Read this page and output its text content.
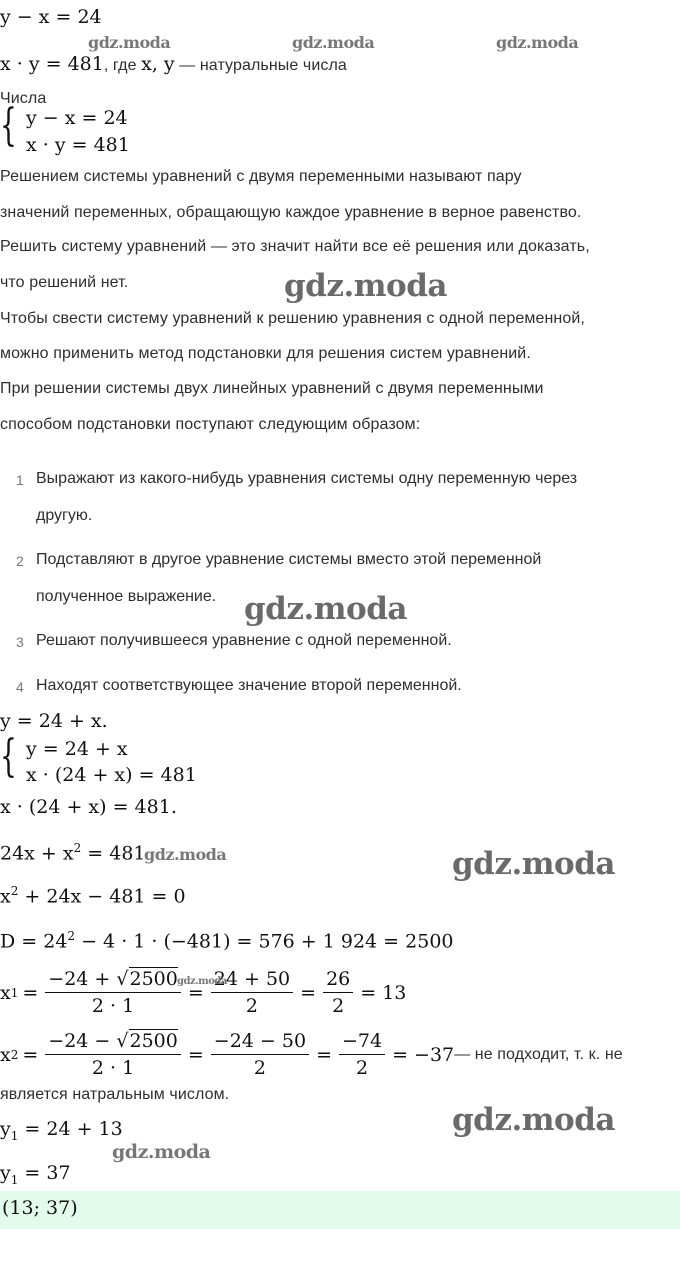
y − x = 24
gdz.moda	gdz.moda	gdz.moda
x · y = 481, где x, y — натуральные числа
Числа
{ y − x = 24
x · y = 481
Решением системы уравнений с двумя переменными называют пару
значений переменных, обращающую каждое уравнение в верное равенство.
Решить систему уравнений — это значит найти все её решения или доказать,
что решений нет.	gdz.moda
Чтобы свести систему уравнений к решению уравнения с одной переменной,
можно применить метод подстановки для решения систем уравнений.
При решении системы двух линейных уравнений с двумя переменными
способом подстановки поступают следующим образом:
1 Выражают из какого-нибудь уравнения системы одну переменную через
другую.
2 Подставляют в другое уравнение системы вместо этой переменной
полученное выражение. gdz.moda
3 Решают получившееся уравнение с одной переменной.
4 Находят соответствующее значение второй переменной.
y = 24 + x.
{ y = 24 + x
x · (24 + x) = 481
x · (24 + x) = 481.
$24x + x^2 = 481$
gdz.moda	gdz.moda
$x^2 + 24x - 481 = 0$
$D = 24^2 - 4 \cdot 1 \cdot (-481) = 576 + 1$ 924 = 2500
x $1 = \frac{-24 + √2500}{2 \cdot 1} = \frac{24 + 50}{2} = \frac{26}{2} = 13$
gdz.moda
x $2 = \frac{-24 - √2500}{2 \cdot 1} = \frac{-24 - 50}{2} = \frac{-74}{2} = -37$ — не подходит, т. к. не
является натральным числом.
$y_1 = 24 + 13$	gdz.moda
gdz.moda
$y_1 = 37$
(13; 37)
